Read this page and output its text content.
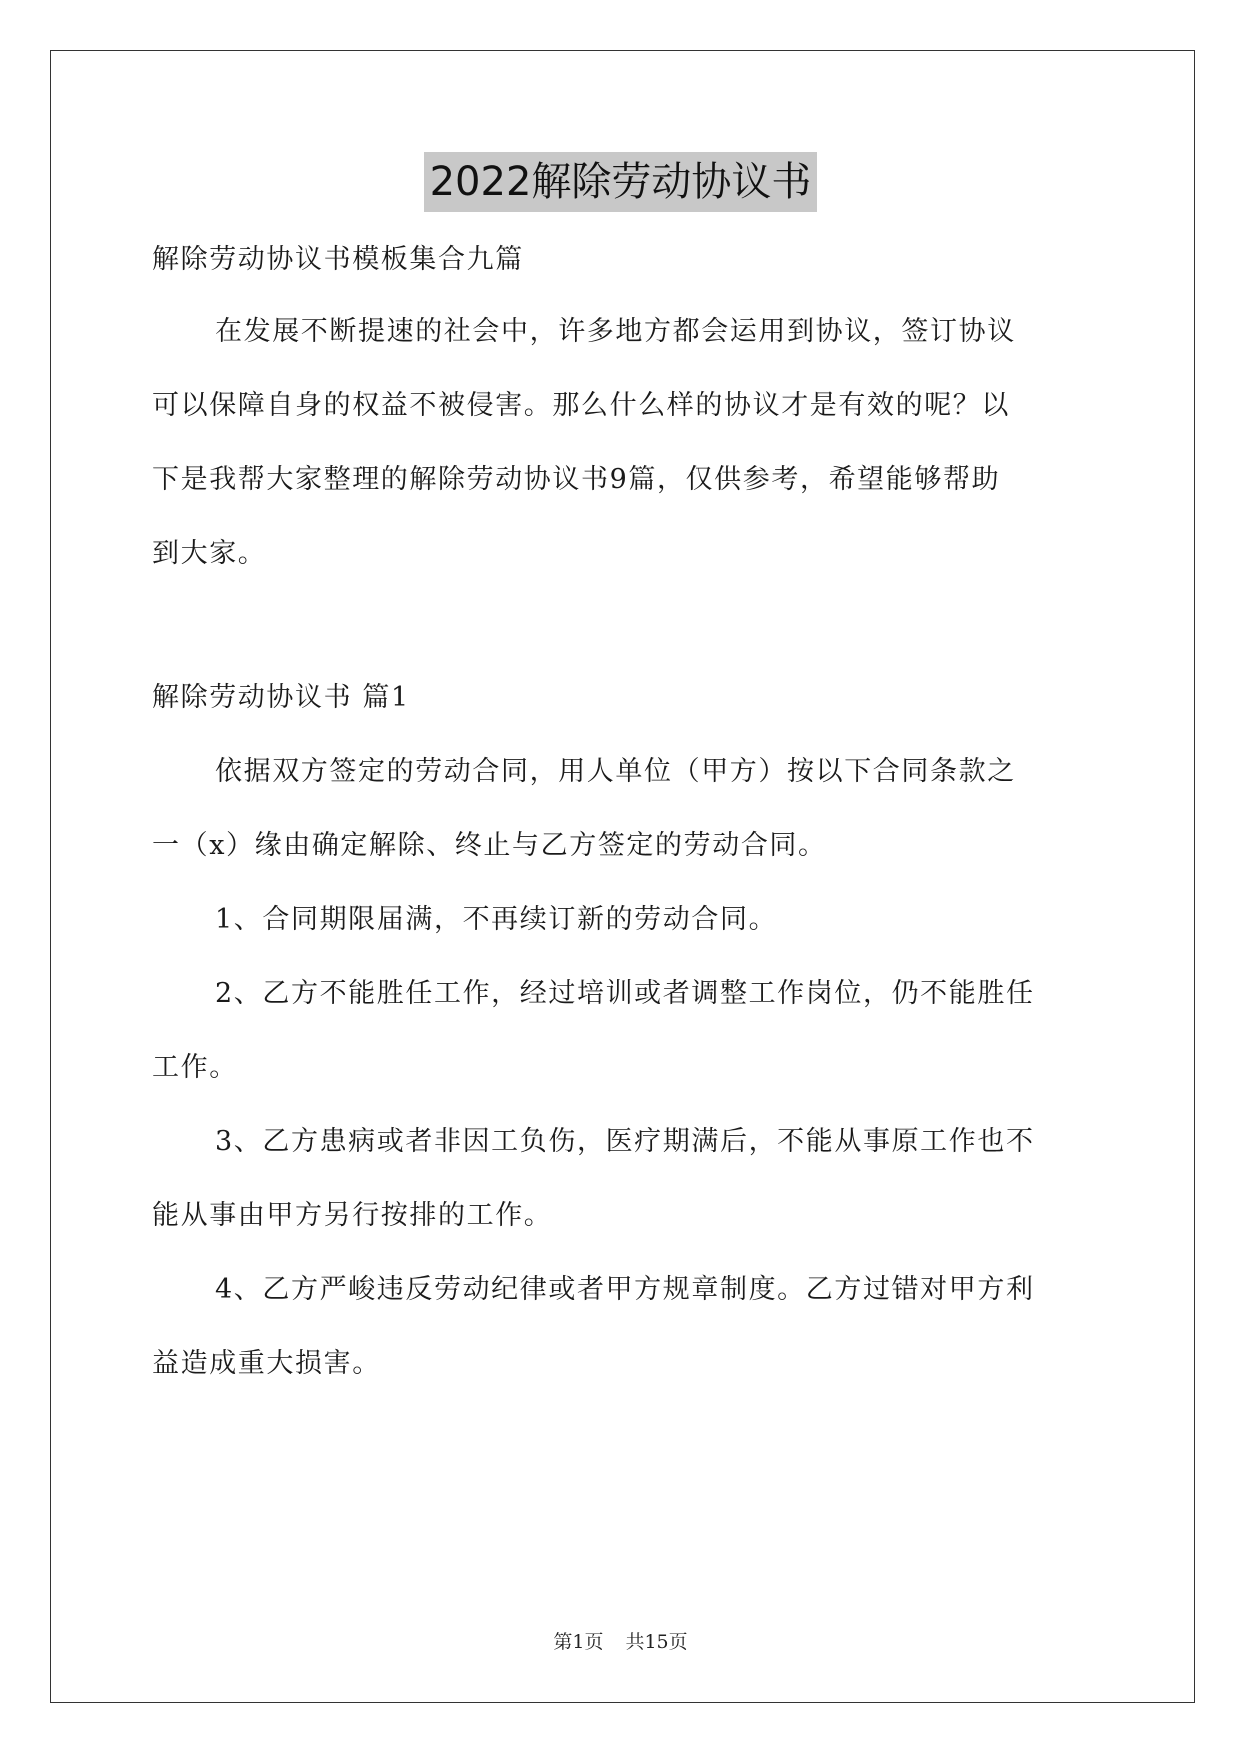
2022解除劳动协议书
解除劳动协议书模板集合九篇
在发展不断提速的社会中，许多地方都会运用到协议，签订协议
可以保障自身的权益不被侵害。那么什么样的协议才是有效的呢？以
下是我帮大家整理的解除劳动协议书9篇，仅供参考，希望能够帮助
到大家。
解除劳动协议书 篇1
依据双方签定的劳动合同，用人单位（甲方）按以下合同条款之
一（x）缘由确定解除、终止与乙方签定的劳动合同。
1、合同期限届满，不再续订新的劳动合同。
2、乙方不能胜任工作，经过培训或者调整工作岗位，仍不能胜任
工作。
3、乙方患病或者非因工负伤，医疗期满后，不能从事原工作也不
能从事由甲方另行按排的工作。
4、乙方严峻违反劳动纪律或者甲方规章制度。乙方过错对甲方利
益造成重大损害。
第1页 共15页
